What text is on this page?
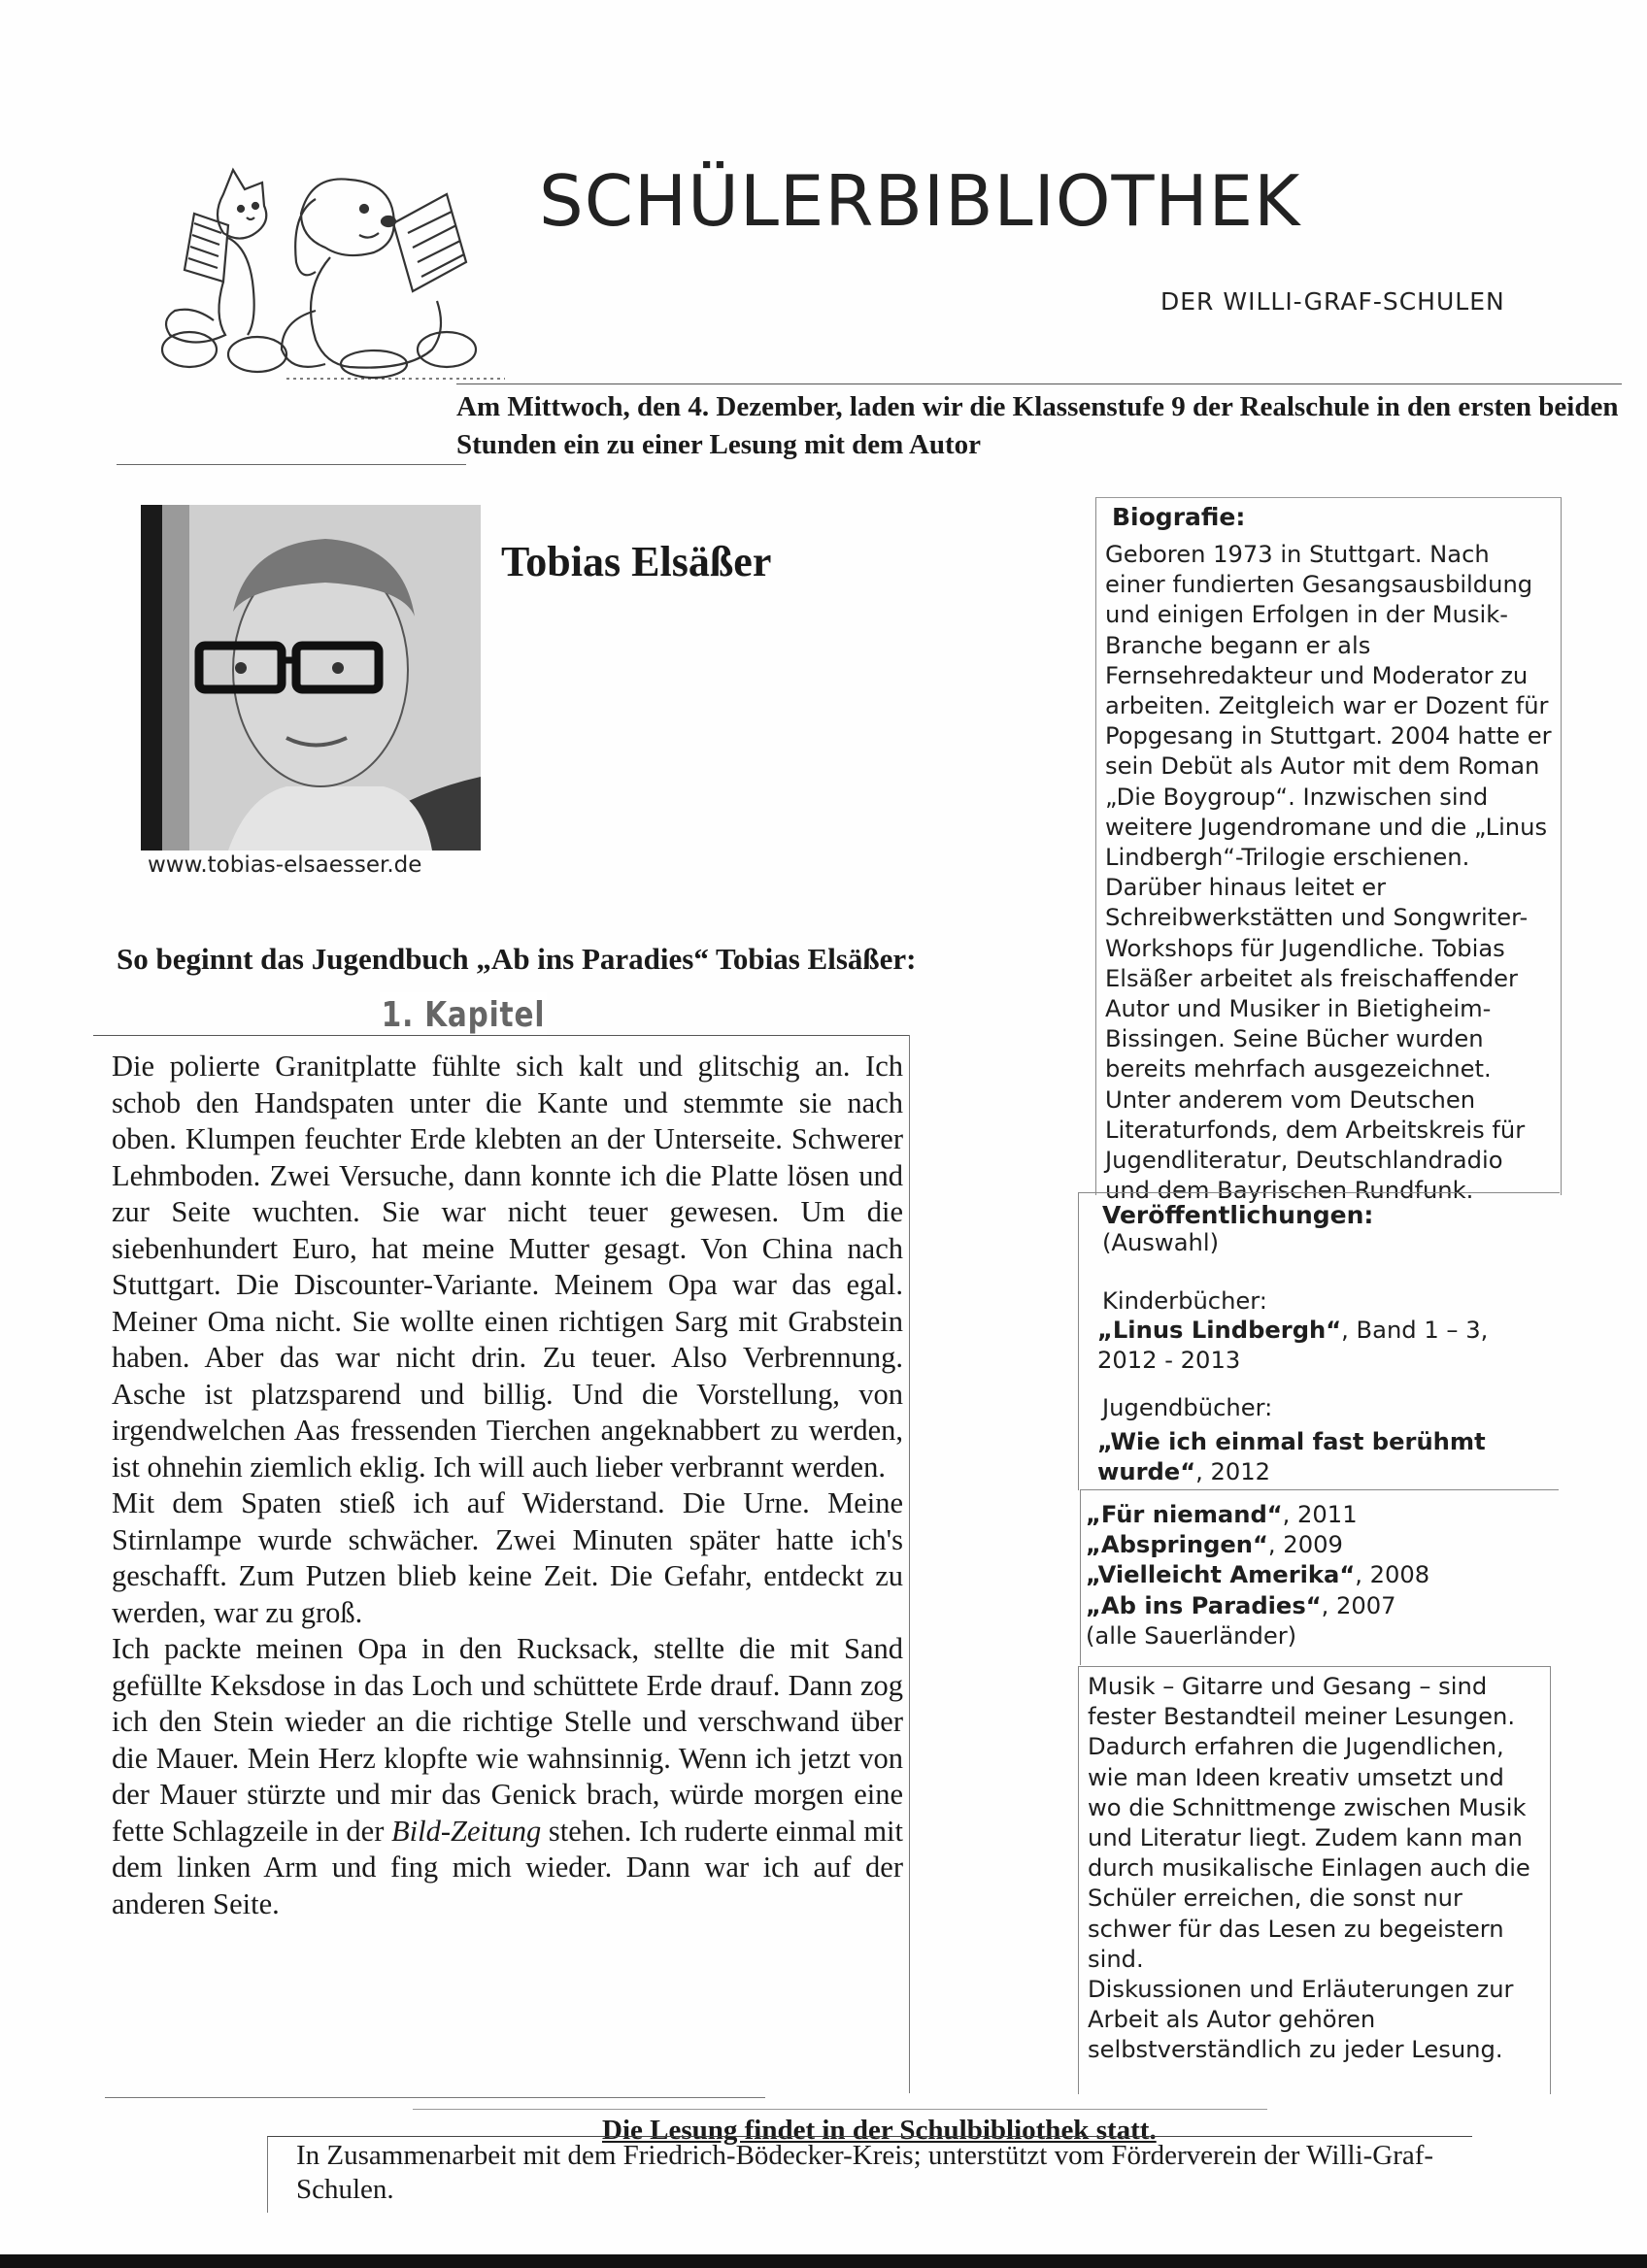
SCHÜLERBIBLIOTHEK
DER WILLI-GRAF-SCHULEN
Am Mittwoch, den 4. Dezember, laden wir die Klassenstufe 9 der Realschule in den ersten beiden Stunden ein zu einer Lesung mit dem Autor
www.tobias-elsaesser.de
Tobias Elsäßer
So beginnt das Jugendbuch „Ab ins Paradies“ Tobias Elsäßer:
1. Kapitel

Die polierte Granitplatte fühlte sich kalt und glitschig an. Ich schob den Handspaten unter die Kante und stemmte sie nach oben. Klumpen feuchter Erde klebten an der Unterseite. Schwerer Lehmboden. Zwei Versuche, dann konnte ich die Platte lösen und zur Seite wuchten. Sie war nicht teuer gewesen. Um die siebenhundert Euro, hat meine Mutter gesagt. Von China nach Stuttgart. Die Discounter-Variante. Meinem Opa war das egal. Meiner Oma nicht. Sie wollte einen richtigen Sarg mit Grabstein haben. Aber das war nicht drin. Zu teuer. Also Verbrennung. Asche ist platzsparend und billig. Und die Vorstellung, von irgendwelchen Aas fressenden Tierchen angeknabbert zu werden, ist ohnehin ziemlich eklig. Ich will auch lieber verbrannt werden.

Mit dem Spaten stieß ich auf Widerstand. Die Urne. Meine Stirnlampe wurde schwächer. Zwei Minuten später hatte ich's geschafft. Zum Putzen blieb keine Zeit. Die Gefahr, entdeckt zu werden, war zu groß.

Ich packte meinen Opa in den Rucksack, stellte die mit Sand gefüllte Keksdose in das Loch und schüttete Erde drauf. Dann zog ich den Stein wieder an die richtige Stelle und verschwand über die Mauer. Mein Herz klopfte wie wahnsinnig. Wenn ich jetzt von der Mauer stürzte und mir das Genick brach, würde morgen eine fette Schlagzeile in der Bild-Zeitung stehen. Ich ruderte einmal mit dem linken Arm und fing mich wieder. Dann war ich auf der anderen Seite.

Biografie:
Geboren 1973 in Stuttgart. Nach einer fundierten Gesangsausbildung und einigen Erfolgen in der Musik-Branche begann er als Fernsehredakteur und Moderator zu arbeiten. Zeitgleich war er Dozent für Popgesang in Stuttgart. 2004 hatte er sein Debüt als Autor mit dem Roman „Die Boygroup“. Inzwischen sind weitere Jugendromane und die „Linus Lindbergh“-Trilogie erschienen. Darüber hinaus leitet er Schreibwerkstätten und Songwriter-Workshops für Jugendliche. Tobias Elsäßer arbeitet als freischaffender Autor und Musiker in Bietigheim-Bissingen. Seine Bücher wurden bereits mehrfach ausgezeichnet. Unter anderem vom Deutschen Literaturfonds, dem Arbeitskreis für Jugendliteratur, Deutschlandradio und dem Bayrischen Rundfunk.
Veröffentlichungen:
(Auswahl)
Kinderbücher:
„Linus Lindbergh“, Band 1 – 3, 2012 - 2013
Jugendbücher:
„Wie ich einmal fast berühmt wurde“, 2012
„Für niemand“, 2011
„Abspringen“, 2009
„Vielleicht Amerika“, 2008
„Ab ins Paradies“, 2007
(alle Sauerländer)
Musik – Gitarre und Gesang – sind fester Bestandteil meiner Lesungen. Dadurch erfahren die Jugendlichen, wie man Ideen kreativ umsetzt und wo die Schnittmenge zwischen Musik und Literatur liegt. Zudem kann man durch musikalische Einlagen auch die Schüler erreichen, die sonst nur schwer für das Lesen zu begeistern sind.
Diskussionen und Erläuterungen zur Arbeit als Autor gehören selbstverständlich zu jeder Lesung.
Die Lesung findet in der Schulbibliothek statt.
In Zusammenarbeit mit dem Friedrich-Bödecker-Kreis; unterstützt vom Förderverein der Willi-Graf-Schulen.
